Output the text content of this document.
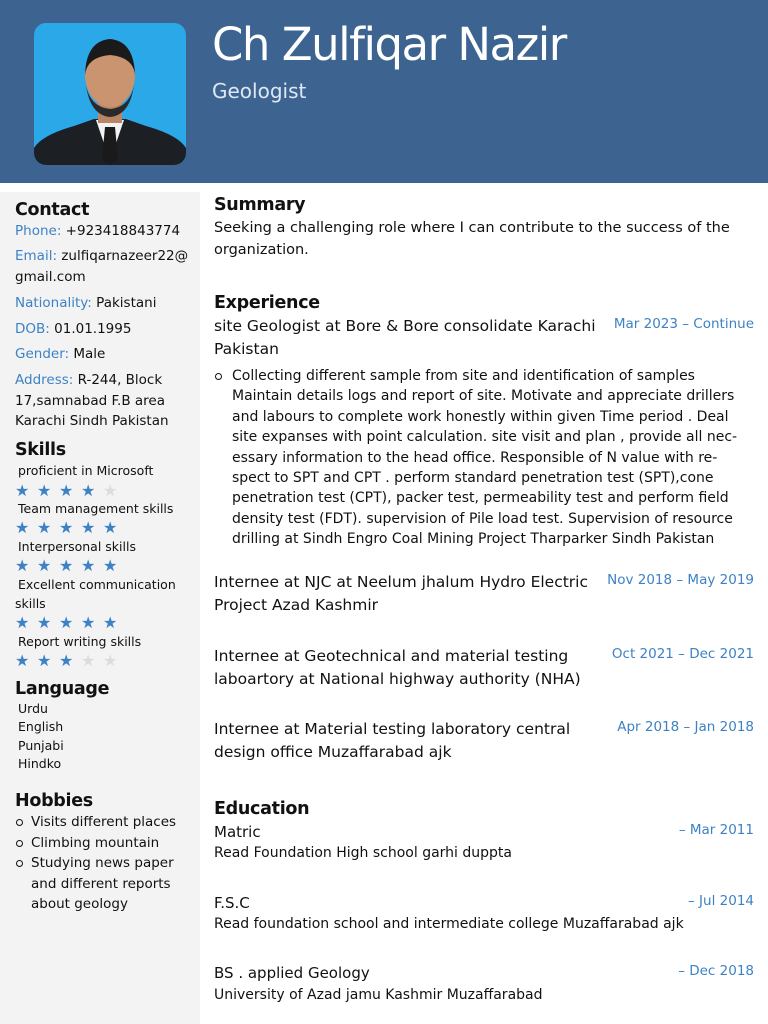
Ch Zulfiqar Nazir
Geologist
Contact
Phone: +923418843774
Email: zulfiqarnazeer22@gmail.com
Nationality: Pakistani
DOB: 01.01.1995
Gender: Male
Address: R-244, Block 17,samnabad F.B area Karachi Sindh Pakistan
Skills
proficient in Microsoft
★ ★ ★ ★ ★
Team management skills
★ ★ ★ ★ ★
Interpersonal skills
★ ★ ★ ★ ★
Excellent communication skills
★ ★ ★ ★ ★
Report writing skills
★ ★ ★ ★ ★
Language
Urdu
English
Punjabi
Hindko
Hobbies
Visits different places
Climbing mountain
Studying news paper and different reports about geology
Summary
Seeking a challenging role where I can contribute to the success of the organization.
Experience
site Geologist at Bore & Bore consolidate Karachi Pakistan
Mar 2023 – Continue
Collecting different sample from site and identification of samples Maintain details logs and report of site. Motivate and appreciate drillers and labours to complete work honestly within given Time period . Deal site expanses with point calculation. site visit and plan , provide all nec-essary information to the head office. Responsible of N value with re-spect to SPT and CPT . perform standard penetration test (SPT),cone penetration test (CPT), packer test, permeability test and perform field density test (FDT). supervision of Pile load test. Supervision of resource drilling at Sindh Engro Coal Mining Project Tharparker Sindh Pakistan
Internee at NJC at Neelum jhalum Hydro Electric Project Azad Kashmir
Nov 2018 – May 2019
Internee at Geotechnical and material testing laboartory at National highway authority (NHA)
Oct 2021 – Dec 2021
Internee at Material testing laboratory central design office Muzaffarabad ajk
Apr 2018 – Jan 2018
Education
Matric	– Mar 2011
Read Foundation High school garhi duppta
F.S.C	– Jul 2014
Read foundation school and intermediate college Muzaffarabad ajk
BS . applied Geology	– Dec 2018
University of Azad jamu Kashmir Muzaffarabad
